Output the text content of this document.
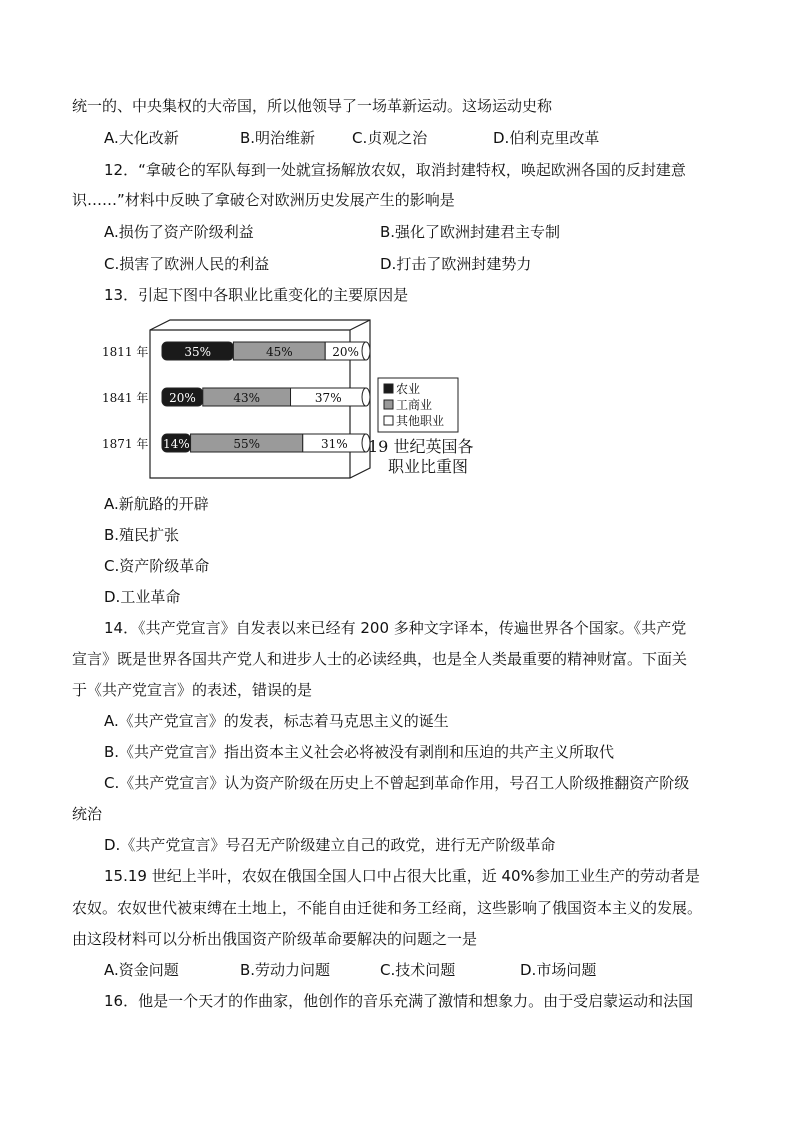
统一的、中央集权的大帝国，所以他领导了一场革新运动。这场运动史称
A.大化改新	B.明治维新 C.贞观之治	D.伯利克里改革
12．“拿破仑的军队每到一处就宣扬解放农奴，取消封建特权，唤起欧洲各国的反封建意
识……”材料中反映了拿破仑对欧洲历史发展产生的影响是
A.损伤了资产阶级利益	B.强化了欧洲封建君主专制
C.损害了欧洲人民的利益	D.打击了欧洲封建势力
13．引起下图中各职业比重变化的主要原因是
35%	45%	20%
20%	43%	37%
14%	55%	31%
1811 年
1841 年
1871 年
农业
工商业
其他职业
19 世纪英国各
职业比重图
A.新航路的开辟
B.殖民扩张
C.资产阶级革命
D.工业革命
14．《共产党宣言》自发表以来已经有 200 多种文字译本，传遍世界各个国家。《共产党
宣言》既是世界各国共产党人和进步人士的必读经典，也是全人类最重要的精神财富。下面关
于《共产党宣言》的表述，错误的是
A.《共产党宣言》的发表，标志着马克思主义的诞生
B.《共产党宣言》指出资本主义社会必将被没有剥削和压迫的共产主义所取代
C.《共产党宣言》认为资产阶级在历史上不曾起到革命作用，号召工人阶级推翻资产阶级
统治
D.《共产党宣言》号召无产阶级建立自己的政党，进行无产阶级革命
15.19 世纪上半叶，农奴在俄国全国人口中占很大比重，近 40%参加工业生产的劳动者是
农奴。农奴世代被束缚在土地上，不能自由迁徙和务工经商，这些影响了俄国资本主义的发展。
由这段材料可以分析出俄国资产阶级革命要解决的问题之一是
A.资金问题	B.劳动力问题	C.技术问题	D.市场问题
16．他是一个天才的作曲家，他创作的音乐充满了激情和想象力。由于受启蒙运动和法国
